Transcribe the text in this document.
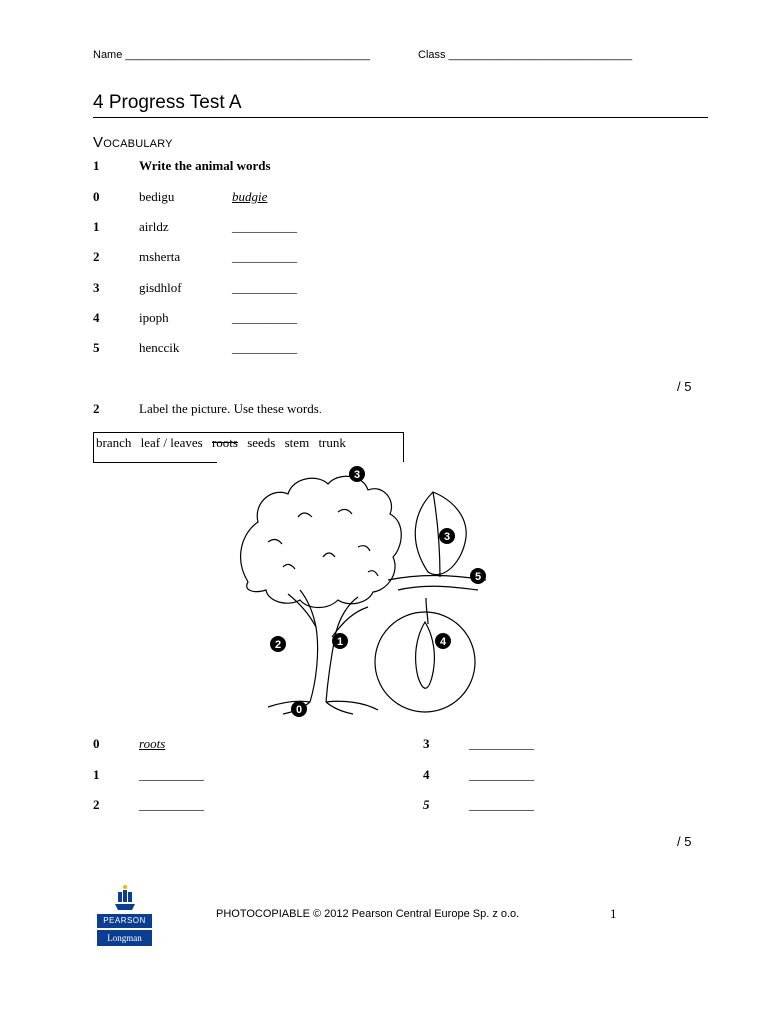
Name ________________________________________	Class ______________________________
4 Progress Test A
VOCABULARY
1	Write the animal words
0	bedigu	budgie
1	airldz	__________
2	msherta	__________
3	gisdhlof	__________
4	ipoph	__________
5	henccik	__________
/ 5
2	Label the picture. Use these words.
branch leaf / leaves roots seeds stem trunk
3
2	1
0
3
5
4
0	roots
1	__________
2	__________
3	__________
4	__________
5	__________
/ 5
PEARSON
Longman
PHOTOCOPIABLE © 2012 Pearson Central Europe Sp. z o.o.	1
